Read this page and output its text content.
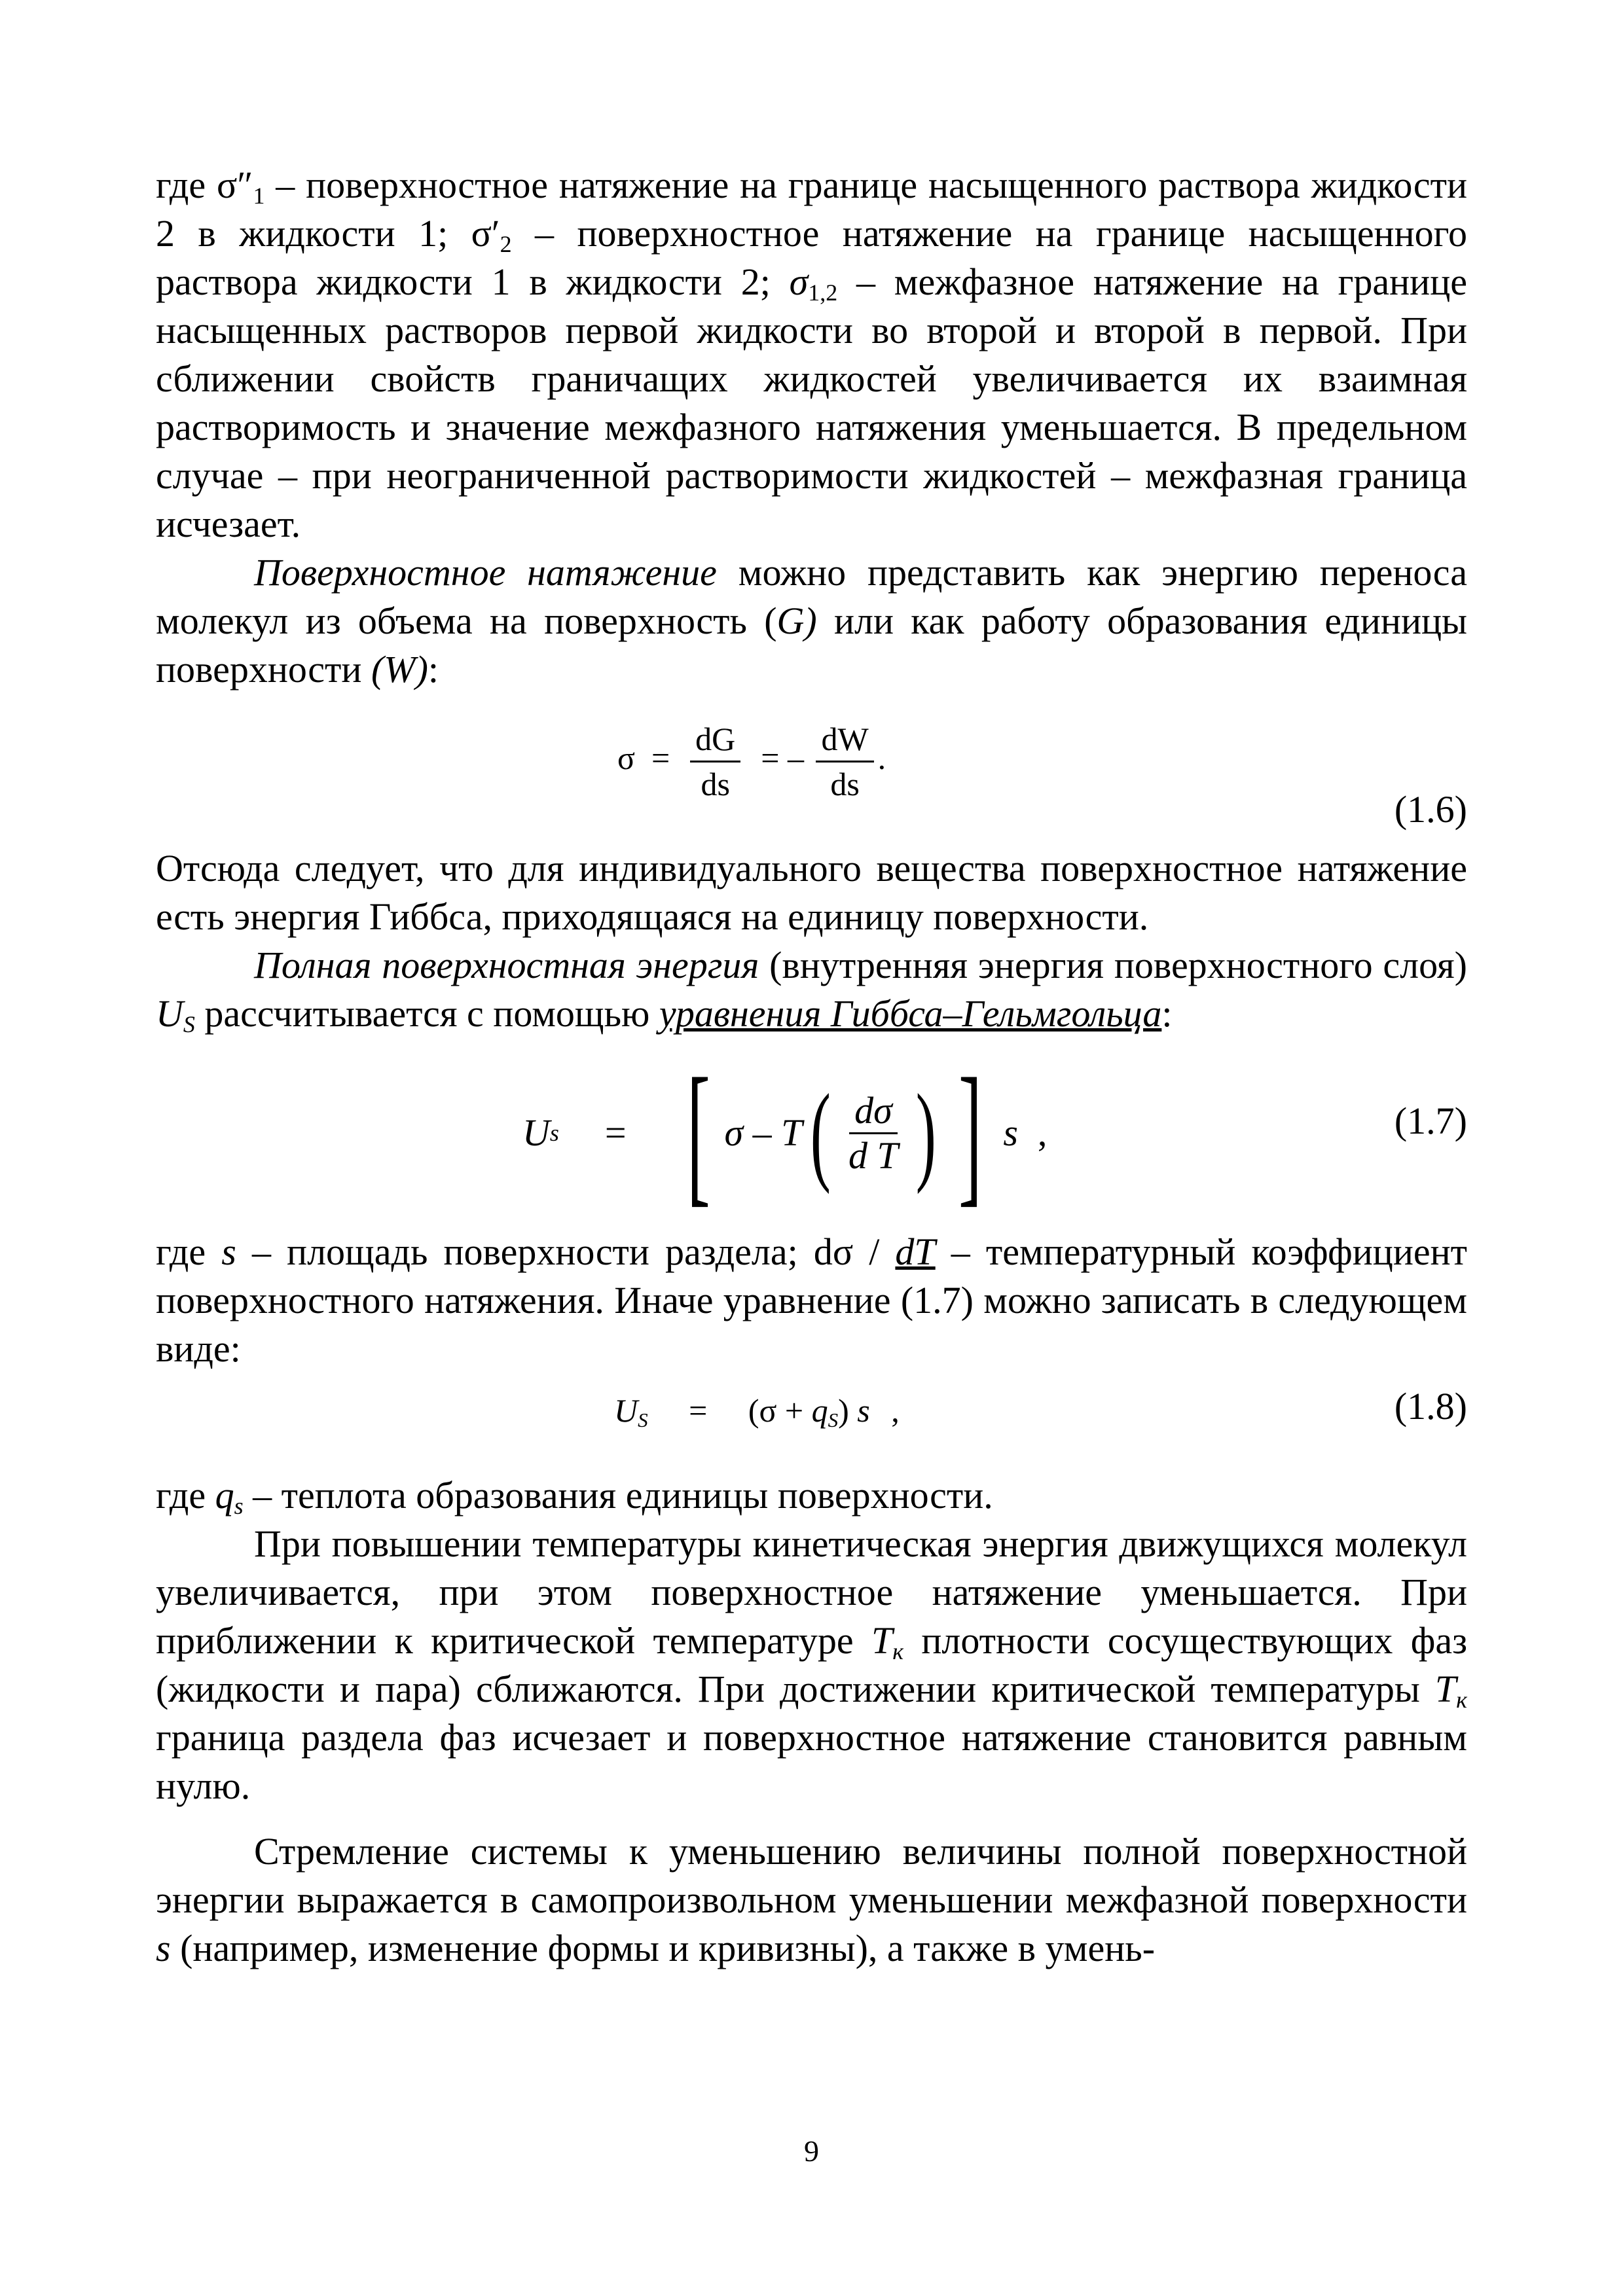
где $\sigma''_1$ – поверхностное натяжение на границе насыщенного раствора жидкости 2 в жидкости 1; $\sigma'_2$ – поверхностное натяжение на границе насыщенного раствора жидкости 1 в жидкости 2; $\sigma_{1,2}$ – межфазное натяжение на границе насыщенных растворов первой жидкости во второй и второй в первой. При сближении свойств граничащих жидкостей увеличивается их взаимная растворимость и значение межфазного натяжения уменьшается. В предельном случае – при неограниченной растворимости жидкостей – межфазная граница исчезает.

Поверхностное натяжение можно представить как энергию переноса молекул из объема на поверхность (G) или как работу образования единицы поверхности (W):

$\sigma = \frac{dG}{ds}$ = – $\frac{dW}{ds}$ .
(1.6)

Отсюда следует, что для индивидуального вещества поверхностное натяжение есть энергия Гиббса, приходящаяся на единицу поверхности.

Полная поверхностная энергия (внутренняя энергия поверхностного слоя) $U_S$ рассчитывается с помощью уравнения Гиббса–Гельмгольца:

U s = [ σ
–
T ( $\frac{d\sigma}{\text{d T}}$ ) ] s ,	(1.7)

где s – площадь поверхности раздела; dσ / dT – температурный коэффициент поверхностного натяжения. Иначе уравнение (1.7) можно записать в следующем виде:

$U_S = (\sigma + q_S)$ s ,	(1.8)

где $q_s$ – теплота образования единицы поверхности.

При повышении температуры кинетическая энергия движущихся молекул увеличивается, при этом поверхностное натяжение уменьшается. При приближении к критической температуре $T_к$ плотности сосуществующих фаз (жидкости и пара) сближаются. При достижении критической температуры $T_к$ граница раздела фаз исчезает и поверхностное натяжение становится равным нулю.

Стремление системы к уменьшению величины полной поверхностной энергии выражается в самопроизвольном уменьшении межфазной поверхности s (например, изменение формы и кривизны), а также в умень-

9
